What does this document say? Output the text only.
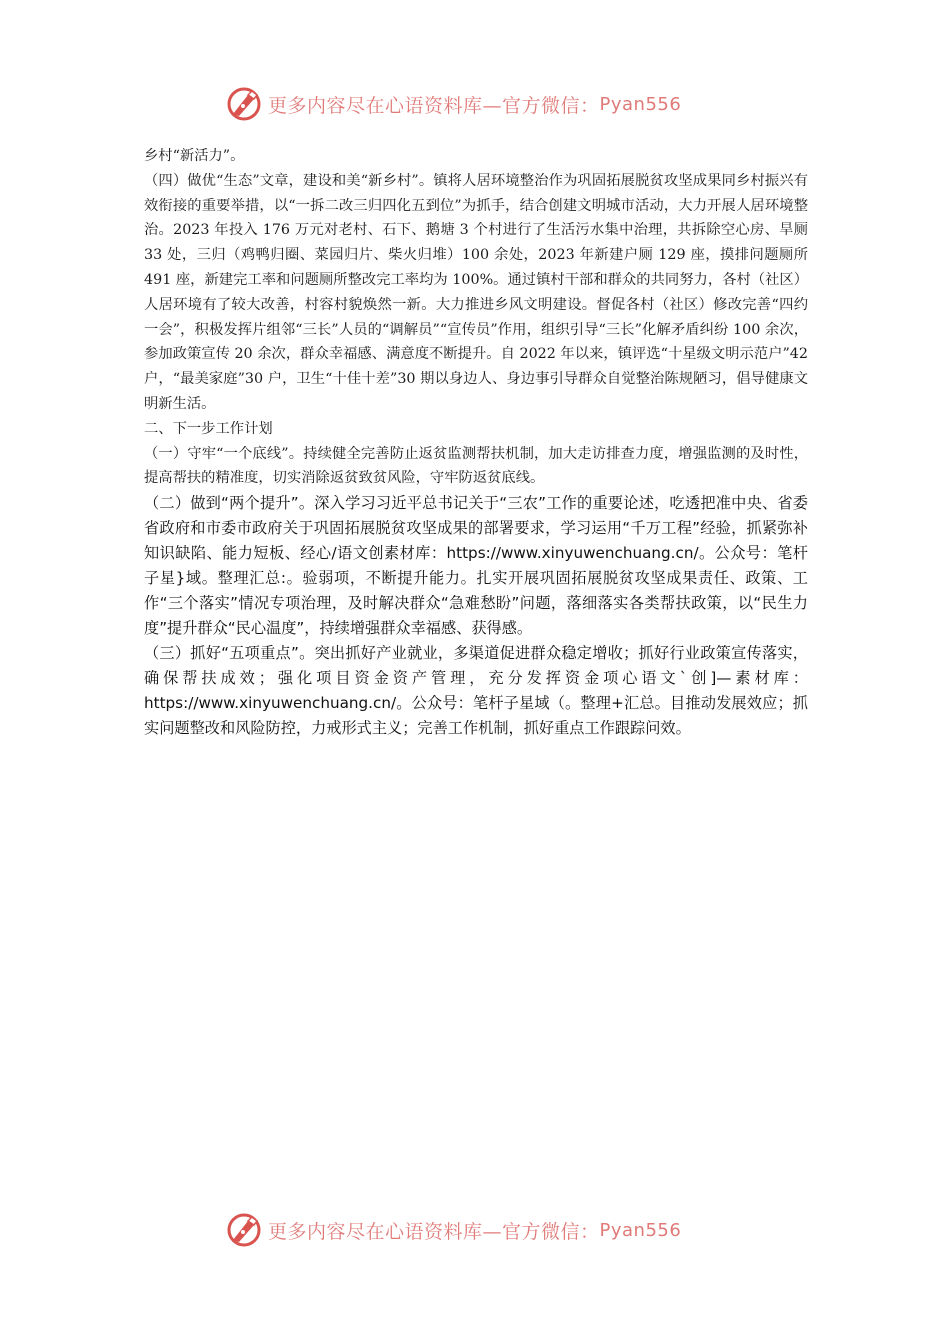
更多内容尽在心语资料库—官方微信： Pyan556

乡村“新活力”。

（四）做优“生态”文章，建设和美“新乡村”。镇将人居环境整治作为巩固拓展脱贫攻坚成果同乡村振兴有效衔接的重要举措，以“一拆二改三归四化五到位”为抓手，结合创建文明城市活动，大力开展人居环境整治。2023 年投入 176 万元对老村、石下、鹅塘 3 个村进行了生活污水集中治理，共拆除空心房、旱厕 33 处，三归（鸡鸭归圈、菜园归片、柴火归堆）100 余处，2023 年新建户厕 129 座，摸排问题厕所 491 座，新建完工率和问题厕所整改完工率均为 100%。通过镇村干部和群众的共同努力，各村（社区）人居环境有了较大改善，村容村貌焕然一新。大力推进乡风文明建设。督促各村（社区）修改完善“四约一会”，积极发挥片组邻“三长”人员的“调解员”“宣传员”作用，组织引导“三长”化解矛盾纠纷 100 余次，参加政策宣传 20 余次，群众幸福感、满意度不断提升。自 2022 年以来，镇评选“十星级文明示范户”42 户，“最美家庭”30 户，卫生“十佳十差”30 期以身边人、身边事引导群众自觉整治陈规陋习，倡导健康文明新生活。

二、下一步工作计划

（一）守牢“一个底线”。持续健全完善防止返贫监测帮扶机制，加大走访排查力度，增强监测的及时性，提高帮扶的精准度，切实消除返贫致贫风险，守牢防返贫底线。

（二）做到“两个提升”。深入学习习近平总书记关于“三农”工作的重要论述，吃透把准中央、省委省政府和市委市政府关于巩固拓展脱贫攻坚成果的部署要求，学习运用“千万工程”经验，抓紧弥补知识缺陷、能力短板、经心/语文创素材库：https://www.xinyuwenchuang.cn/。公众号：笔杆子星}域。整理汇总:。验弱项，不断提升能力。扎实开展巩固拓展脱贫攻坚成果责任、政策、工作“三个落实”情况专项治理，及时解决群众“急难愁盼”问题，落细落实各类帮扶政策，以“民生力度”提升群众“民心温度”，持续增强群众幸福感、获得感。

（三）抓好“五项重点”。突出抓好产业就业，多渠道促进群众稳定增收；抓好行业政策宣传落实，确保帮扶成效；强化项目资金资产管理，充分发挥资金项心语文`创]—素材库：https://www.xinyuwenchuang.cn/。公众号：笔杆子星域（。整理+汇总。目推动发展效应；抓实问题整改和风险防控，力戒形式主义；完善工作机制，抓好重点工作跟踪问效。

更多内容尽在心语资料库—官方微信： Pyan556
